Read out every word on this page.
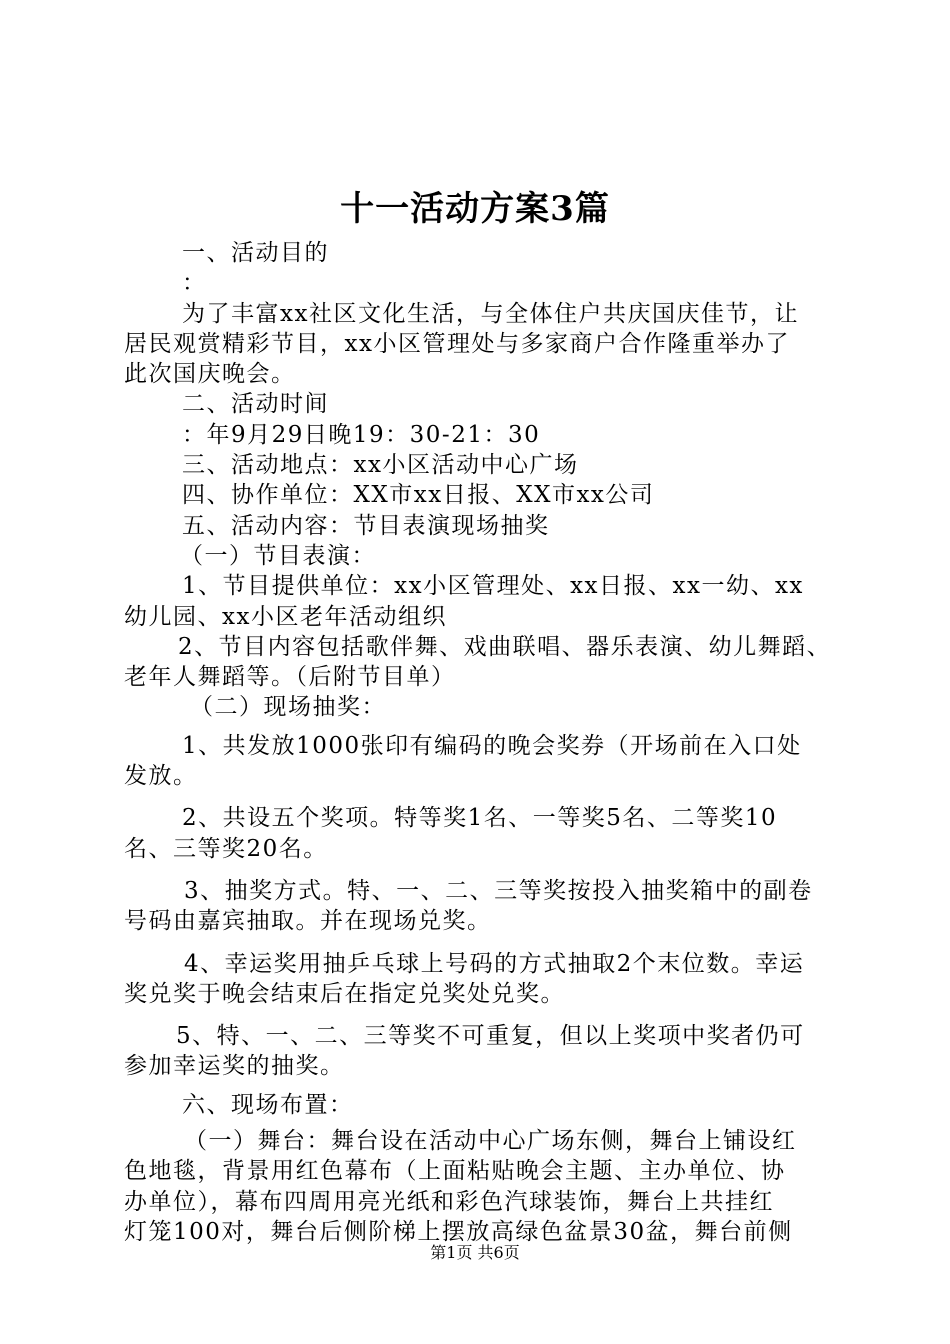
十一活动方案3篇
一、活动目的
：
为了丰富xx社区文化生活，与全体住户共庆国庆佳节，让
居民观赏精彩节目，xx小区管理处与多家商户合作隆重举办了
此次国庆晚会。
二、活动时间
：年9月29日晚19：30-21：30
三、活动地点：xx小区活动中心广场
四、协作单位：XX市xx日报、XX市xx公司
五、活动内容：节目表演现场抽奖
（一）节目表演：
1、节目提供单位：xx小区管理处、xx日报、xx一幼、xx
幼儿园、xx小区老年活动组织
2、节目内容包括歌伴舞、戏曲联唱、器乐表演、幼儿舞蹈、
老年人舞蹈等。（后附节目单）
（二）现场抽奖：
1、共发放1000张印有编码的晚会奖券（开场前在入口处
发放。
2、共设五个奖项。特等奖1名、一等奖5名、二等奖10
名、三等奖20名。
3、抽奖方式。特、一、二、三等奖按投入抽奖箱中的副卷
号码由嘉宾抽取。并在现场兑奖。
4、幸运奖用抽乒乓球上号码的方式抽取2个末位数。幸运
奖兑奖于晚会结束后在指定兑奖处兑奖。
5、特、一、二、三等奖不可重复，但以上奖项中奖者仍可
参加幸运奖的抽奖。
六、现场布置：
（一）舞台：舞台设在活动中心广场东侧，舞台上铺设红
色地毯，背景用红色幕布（上面粘贴晚会主题、主办单位、协
办单位），幕布四周用亮光纸和彩色汽球装饰，舞台上共挂红
灯笼100对，舞台后侧阶梯上摆放高绿色盆景30盆，舞台前侧
第1页 共6页
